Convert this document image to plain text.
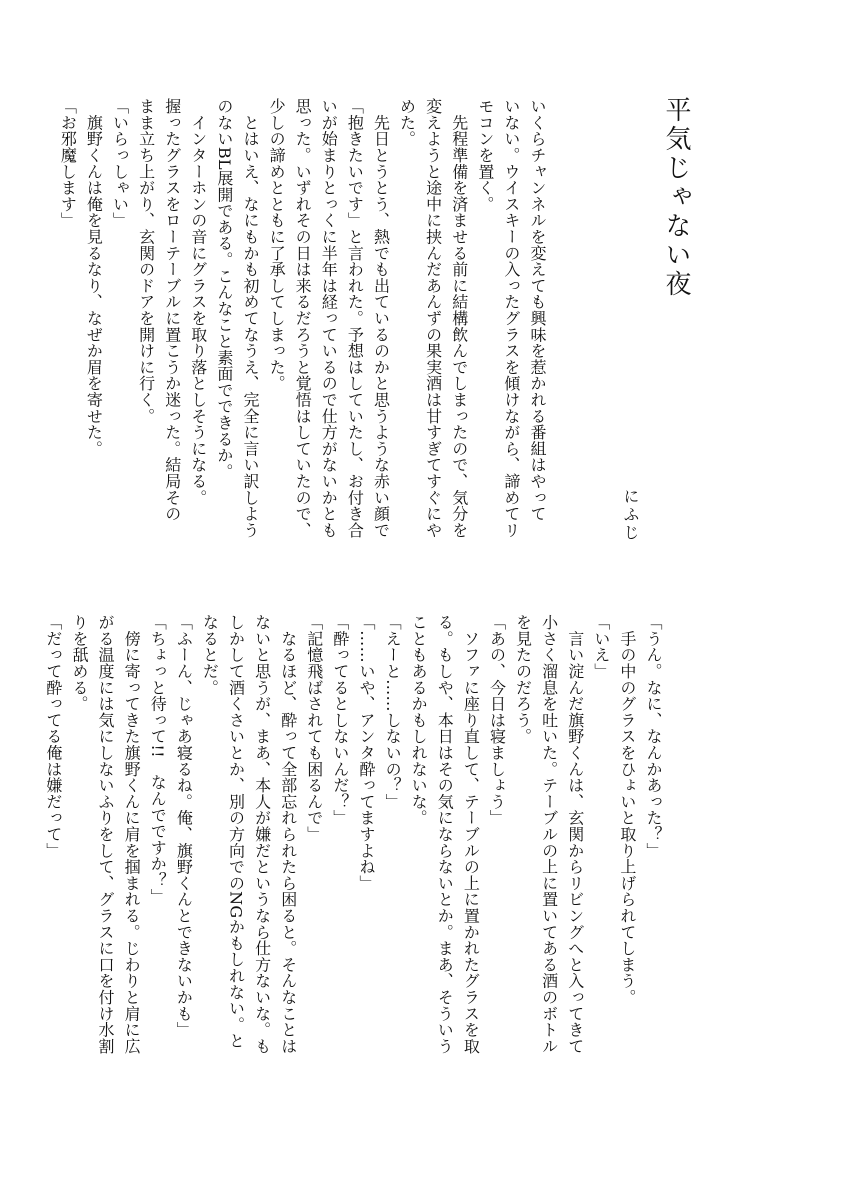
平気じゃない夜
にふじ

いくらチャンネルを変えても興味を惹かれる番組はやって

いない。ウイスキーの入ったグラスを傾けながら、諦めてリ

モコンを置く。

　先程準備を済ませる前に結構飲んでしまったので、気分を

変えようと途中に挟んだあんずの果実酒は甘すぎてすぐにや

めた。

　先日とうとう、熱でも出ているのかと思うような赤い顔で

「抱きたいです」と言われた。予想はしていたし、お付き合

いが始まりとっくに半年は経っているので仕方がないかとも

思った。いずれその日は来るだろうと覚悟はしていたので、

少しの諦めとともに了承してしまった。

　とはいえ、なにもかも初めてなうえ、完全に言い訳しよう

のないBL展開である。こんなこと素面でできるか。

　インターホンの音にグラスを取り落としそうになる。

握ったグラスをローテーブルに置こうか迷った。結局その

まま立ち上がり、玄関のドアを開けに行く。

「いらっしゃい」

　旗野くんは俺を見るなり、なぜか眉を寄せた。

「お邪魔します」

「うん。なに、なんかあった？」

　手の中のグラスをひょいと取り上げられてしまう。

「いえ」

　言い淀んだ旗野くんは、玄関からリビングへと入ってきて

小さく溜息を吐いた。テーブルの上に置いてある酒のボトル

を見たのだろう。

「あの、今日は寝ましょう」

　ソファに座り直して、テーブルの上に置かれたグラスを取

る。もしや、本日はその気にならないとか。まあ、そういう

こともあるかもしれないな。

「えーと……しないの？」

「……いや、アンタ酔ってますよね」

「酔ってるとしないんだ？」

「記憶飛ばされても困るんで」

　なるほど、酔って全部忘れられたら困ると。そんなことは

ないと思うが、まあ、本人が嫌だというなら仕方ないな。も

しかして酒くさいとか、別の方向でのNGかもしれない。と

なるとだ。

「ふーん、じゃあ寝るね。俺、旗野くんとできないかも」

「ちょっと待って!!　なんでですか？」

　傍に寄ってきた旗野くんに肩を掴まれる。じわりと肩に広

がる温度には気にしないふりをして、グラスに口を付け水割

りを舐める。

「だって酔ってる俺は嫌だって」
